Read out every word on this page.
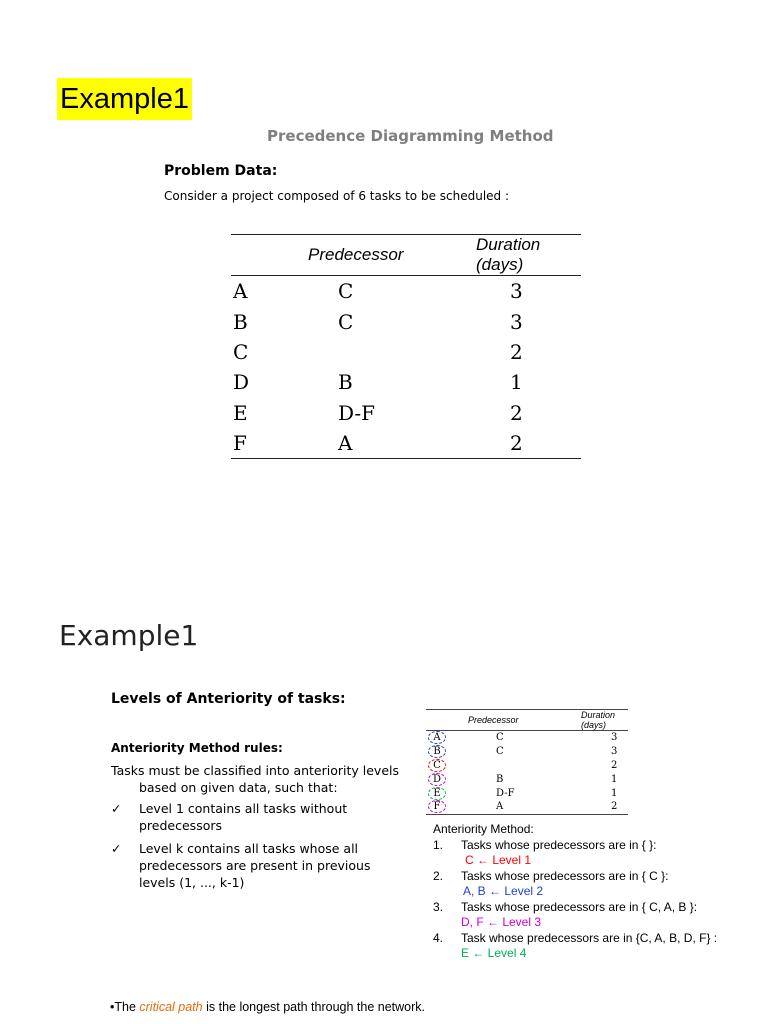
Example1
Precedence Diagramming Method
Problem Data:
Consider a project composed of 6 tasks to be scheduled :
	Predecessor	Duration (days)
A	C	3
B	C	3
C		2
D	B	1
E	D-F	2
F	A	2
Example1
Levels of Anteriority of tasks:
Anteriority Method rules:
Tasks must be classified into anteriority levels
based on given data, such that:
✓ Level 1 contains all tasks without
predecessors
✓ Level k contains all tasks whose all
predecessors are present in previous
levels (1, ..., k-1)
	Predecessor	Duration (days)
A	C	3
B	C	3
C		2
D	B	1
E	D-F	1
F	A	2
Anteriority Method:
1. Tasks whose predecessors are in { }:
C ← Level 1
2. Tasks whose predecessors are in { C }:
A, B ← Level 2
3. Tasks whose predecessors are in { C, A, B }:
D, F ← Level 3
4. Task whose predecessors are in {C, A, B, D, F} :
E ← Level 4
•The critical path is the longest path through the network.
